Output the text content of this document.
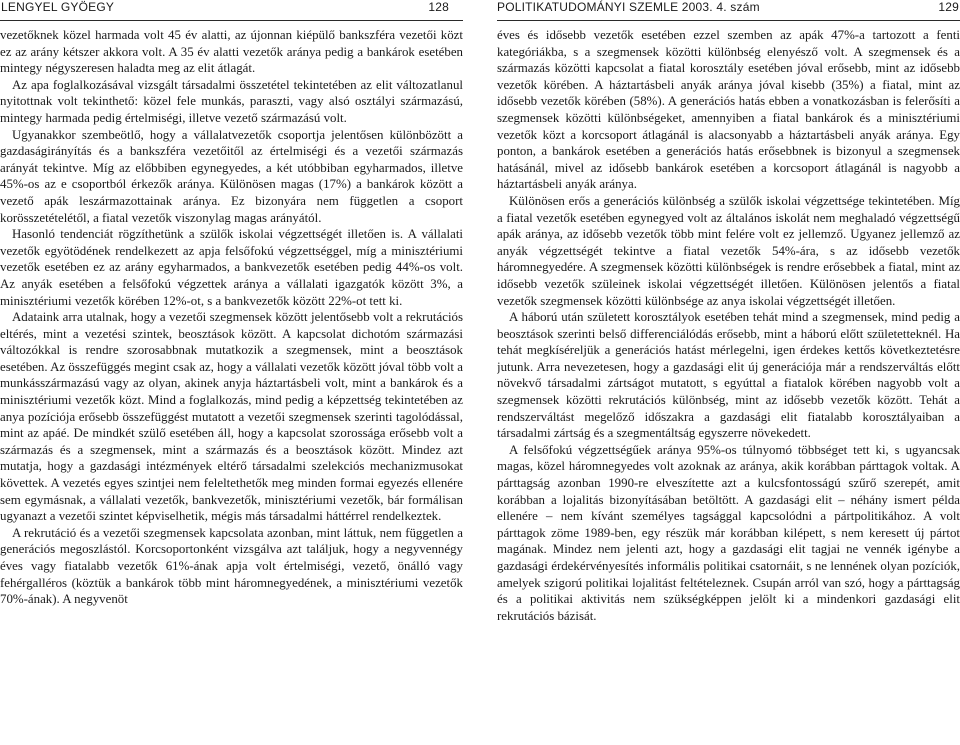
LENGYEL GYÖEGY	128

vezetőknek közel harmada volt 45 év alatti, az újonnan kiépülő bankszféra vezetői közt ez az arány kétszer akkora volt. A 35 év alatti vezetők aránya pedig a bankárok esetében mintegy négyszeresen haladta meg az elit átlagát.

Az apa foglalkozásával vizsgált társadalmi összetétel tekintetében az elit változatlanul nyitottnak volt tekinthető: közel fele munkás, paraszti, vagy alsó osztályi származású, mintegy harmada pedig értelmiségi, illetve vezető származású volt.

Ugyanakkor szembeötlő, hogy a vállalatvezetők csoportja jelentősen különbözött a gazdaságirányítás és a bankszféra vezetőitől az értelmiségi és a vezetői származás arányát tekintve. Míg az előbbiben egynegyedes, a két utóbbiban egyharmados, illetve 45%-os az e csoportból érkezők aránya. Különösen magas (17%) a bankárok között a vezető apák leszármazottainak aránya. Ez bizonyára nem független a csoport korösszetételétől, a fiatal vezetők viszonylag magas arányától.

Hasonló tendenciát rögzíthetünk a szülők iskolai végzettségét illetően is. A vállalati vezetők egyötödének rendelkezett az apja felsőfokú végzettséggel, míg a minisztériumi vezetők esetében ez az arány egyharmados, a bankvezetők esetében pedig 44%-os volt. Az anyák esetében a felsőfokú végzettek aránya a vállalati igazgatók között 3%, a minisztériumi vezetők körében 12%-ot, s a bankvezetők között 22%-ot tett ki.

Adataink arra utalnak, hogy a vezetői szegmensek között jelentősebb volt a rekrutációs eltérés, mint a vezetési szintek, beosztások között. A kapcsolat dichotóm származási változókkal is rendre szorosabbnak mutatkozik a szegmensek, mint a beosztások esetében. Az összefüggés megint csak az, hogy a vállalati vezetők között jóval több volt a munkásszármazású vagy az olyan, akinek anyja háztartásbeli volt, mint a bankárok és a minisztériumi vezetők közt. Mind a foglalkozás, mind pedig a képzettség tekintetében az anya pozíciója erősebb összefüggést mutatott a vezetői szegmensek szerinti tagolódással, mint az apáé. De mindkét szülő esetében áll, hogy a kapcsolat szorossága erősebb volt a származás és a szegmensek, mint a származás és a beosztások között. Mindez azt mutatja, hogy a gazdasági intézmények eltérő társadalmi szelekciós mechanizmusokat követtek. A vezetés egyes szintjei nem feleltethetők meg minden formai egyezés ellenére sem egymásnak, a vállalati vezetők, bankvezetők, minisztériumi vezetők, bár formálisan ugyanazt a vezetői szintet képviselhetik, mégis más társadalmi háttérrel rendelkeztek.

A rekrutáció és a vezetői szegmensek kapcsolata azonban, mint láttuk, nem független a generációs megoszlástól. Korcsoportonként vizsgálva azt találjuk, hogy a negyvennégy éves vagy fiatalabb vezetők 61%-ának apja volt értelmiségi, vezető, önálló vagy fehérgalléros (köztük a bankárok több mint háromnegyedének, a minisztériumi vezetők 70%-ának). A negyvenöt

POLITIKATUDOMÁNYI SZEMLE 2003. 4. szám	129

éves és idősebb vezetők esetében ezzel szemben az apák 47%-a tartozott a fenti kategóriákba, s a szegmensek közötti különbség elenyésző volt. A szegmensek és a származás közötti kapcsolat a fiatal korosztály esetében jóval erősebb, mint az idősebb vezetők körében. A háztartásbeli anyák aránya jóval kisebb (35%) a fiatal, mint az idősebb vezetők körében (58%). A generációs hatás ebben a vonatkozásban is felerősíti a szegmensek közötti különbségeket, amennyiben a fiatal bankárok és a minisztériumi vezetők közt a korcsoport átlagánál is alacsonyabb a háztartásbeli anyák aránya. Egy ponton, a bankárok esetében a generációs hatás erősebbnek is bizonyul a szegmensek hatásánál, mivel az idősebb bankárok esetében a korcsoport átlagánál is nagyobb a háztartásbeli anyák aránya.

Különösen erős a generációs különbség a szülők iskolai végzettsége tekintetében. Míg a fiatal vezetők esetében egynegyed volt az általános iskolát nem meghaladó végzettségű apák aránya, az idősebb vezetők több mint felére volt ez jellemző. Ugyanez jellemző az anyák végzettségét tekintve a fiatal vezetők 54%-ára, s az idősebb vezetők háromnegyedére. A szegmensek közötti különbségek is rendre erősebbek a fiatal, mint az idősebb vezetők szüleinek iskolai végzettségét illetően. Különösen jelentős a fiatal vezetők szegmensek közötti különbsége az anya iskolai végzettségét illetően.

A háború után született korosztályok esetében tehát mind a szegmensek, mind pedig a beosztások szerinti belső differenciálódás erősebb, mint a háború előtt születetteknél. Ha tehát megkíséreljük a generációs hatást mérlegelni, igen érdekes kettős következtetésre jutunk. Arra nevezetesen, hogy a gazdasági elit új generációja már a rendszerváltás előtt növekvő társadalmi zártságot mutatott, s egyúttal a fiatalok körében nagyobb volt a szegmensek közötti rekrutációs különbség, mint az idősebb vezetők között. Tehát a rendszerváltást megelőző időszakra a gazdasági elit fiatalabb korosztályaiban a társadalmi zártság és a szegmentáltság egyszerre növekedett.

A felsőfokú végzettségűek aránya 95%-os túlnyomó többséget tett ki, s ugyancsak magas, közel háromnegyedes volt azoknak az aránya, akik korábban párttagok voltak. A párttagság azonban 1990-re elveszítette azt a kulcsfontosságú szűrő szerepét, amit korábban a lojalitás bizonyításában betöltött. A gazdasági elit – néhány ismert példa ellenére – nem kívánt személyes tagsággal kapcsolódni a pártpolitikához. A volt párttagok zöme 1989-ben, egy részük már korábban kilépett, s nem keresett új pártot magának. Mindez nem jelenti azt, hogy a gazdasági elit tagjai ne vennék igénybe a gazdasági érdekérvényesítés informális politikai csatornáit, s ne lennének olyan pozíciók, amelyek szigorú politikai lojalitást feltételeznek. Csupán arról van szó, hogy a párttagság és a politikai aktivitás nem szükségképpen jelölt ki a mindenkori gazdasági elit rekrutációs bázisát.
